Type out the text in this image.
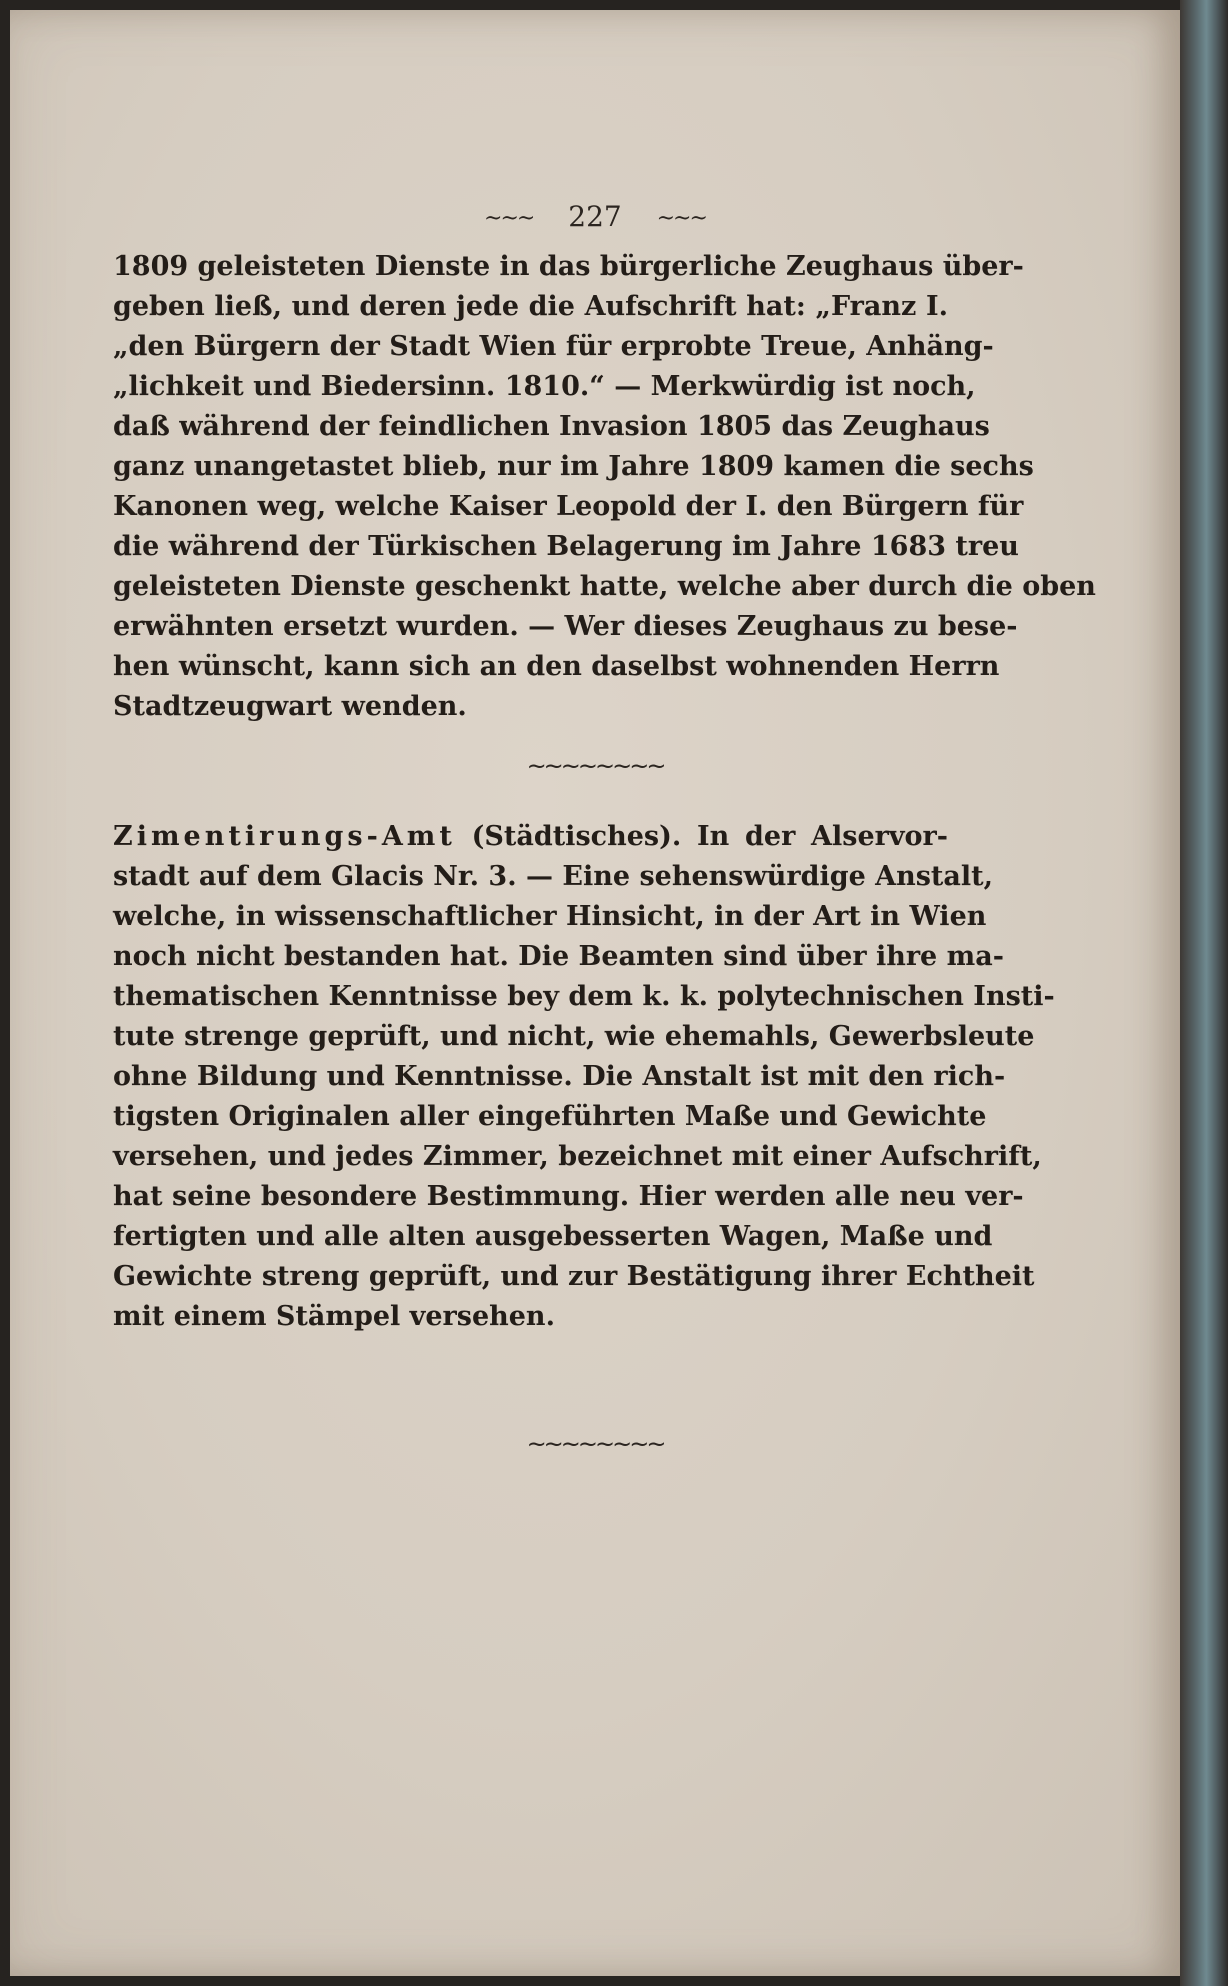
~~~ 227 ~~~
1809 geleisteten Dienste in das bürgerliche Zeughaus über-
geben ließ, und deren jede die Aufschrift hat: „Franz I.
„den Bürgern der Stadt Wien für erprobte Treue, Anhäng-
„lichkeit und Biedersinn. 1810.“ — Merkwürdig ist noch,
daß während der feindlichen Invasion 1805 das Zeughaus
ganz unangetastet blieb, nur im Jahre 1809 kamen die sechs
Kanonen weg, welche Kaiser Leopold der I. den Bürgern für
die während der Türkischen Belagerung im Jahre 1683 treu
geleisteten Dienste geschenkt hatte, welche aber durch die oben
erwähnten ersetzt wurden. — Wer dieses Zeughaus zu bese-
hen wünscht, kann sich an den daselbst wohnenden Herrn
Stadtzeugwart wenden.
~~~~~~~~
Zimentirungs-Amt (Städtisches). In der Alservor-
stadt auf dem Glacis Nr. 3. — Eine sehenswürdige Anstalt,
welche, in wissenschaftlicher Hinsicht, in der Art in Wien
noch nicht bestanden hat. Die Beamten sind über ihre ma-
thematischen Kenntnisse bey dem k. k. polytechnischen Insti-
tute strenge geprüft, und nicht, wie ehemahls, Gewerbsleute
ohne Bildung und Kenntnisse. Die Anstalt ist mit den rich-
tigsten Originalen aller eingeführten Maße und Gewichte
versehen, und jedes Zimmer, bezeichnet mit einer Aufschrift,
hat seine besondere Bestimmung. Hier werden alle neu ver-
fertigten und alle alten ausgebesserten Wagen, Maße und
Gewichte streng geprüft, und zur Bestätigung ihrer Echtheit
mit einem Stämpel versehen.
~~~~~~~~
